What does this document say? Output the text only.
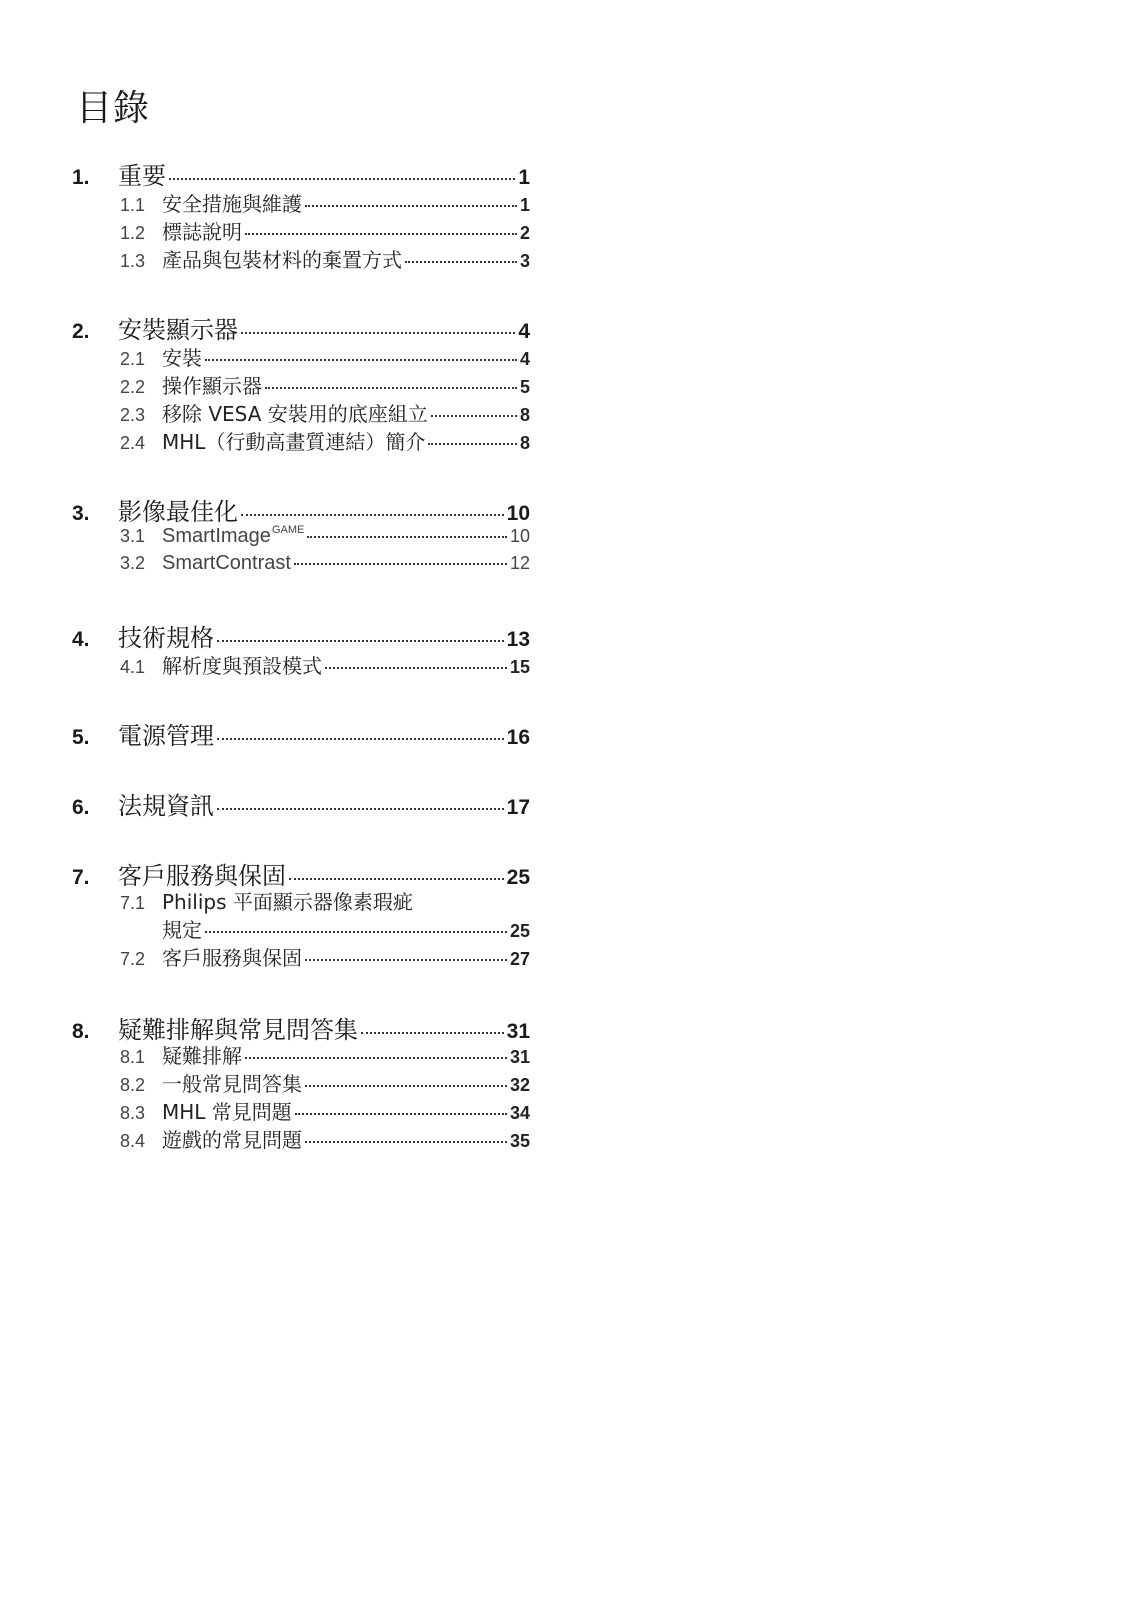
目錄
1.	重要	1
1.1 安全措施與維護	1
1.2 標誌說明	2
1.3 產品與包裝材料的棄置方式	3
2.	安裝顯示器	4
2.1 安裝	4
2.2 操作顯示器	5
2.3 移除 VESA 安裝用的底座組立	8
2.4 MHL（行動高畫質連結）簡介	8
3.	影像最佳化	10
3.1 SmartImage$^{GAME}$	10
3.2 SmartContrast	12
4.	技術規格	13
4.1 解析度與預設模式	15
5.	電源管理	16
6.	法規資訊	17
7.	客戶服務與保固	25
7.1 Philips 平面顯示器像素瑕疵
規定	25
7.2 客戶服務與保固	27
8.	疑難排解與常見問答集	31
8.1 疑難排解	31
8.2 一般常見問答集	32
8.3 MHL 常見問題	34
8.4 遊戲的常見問題	35
